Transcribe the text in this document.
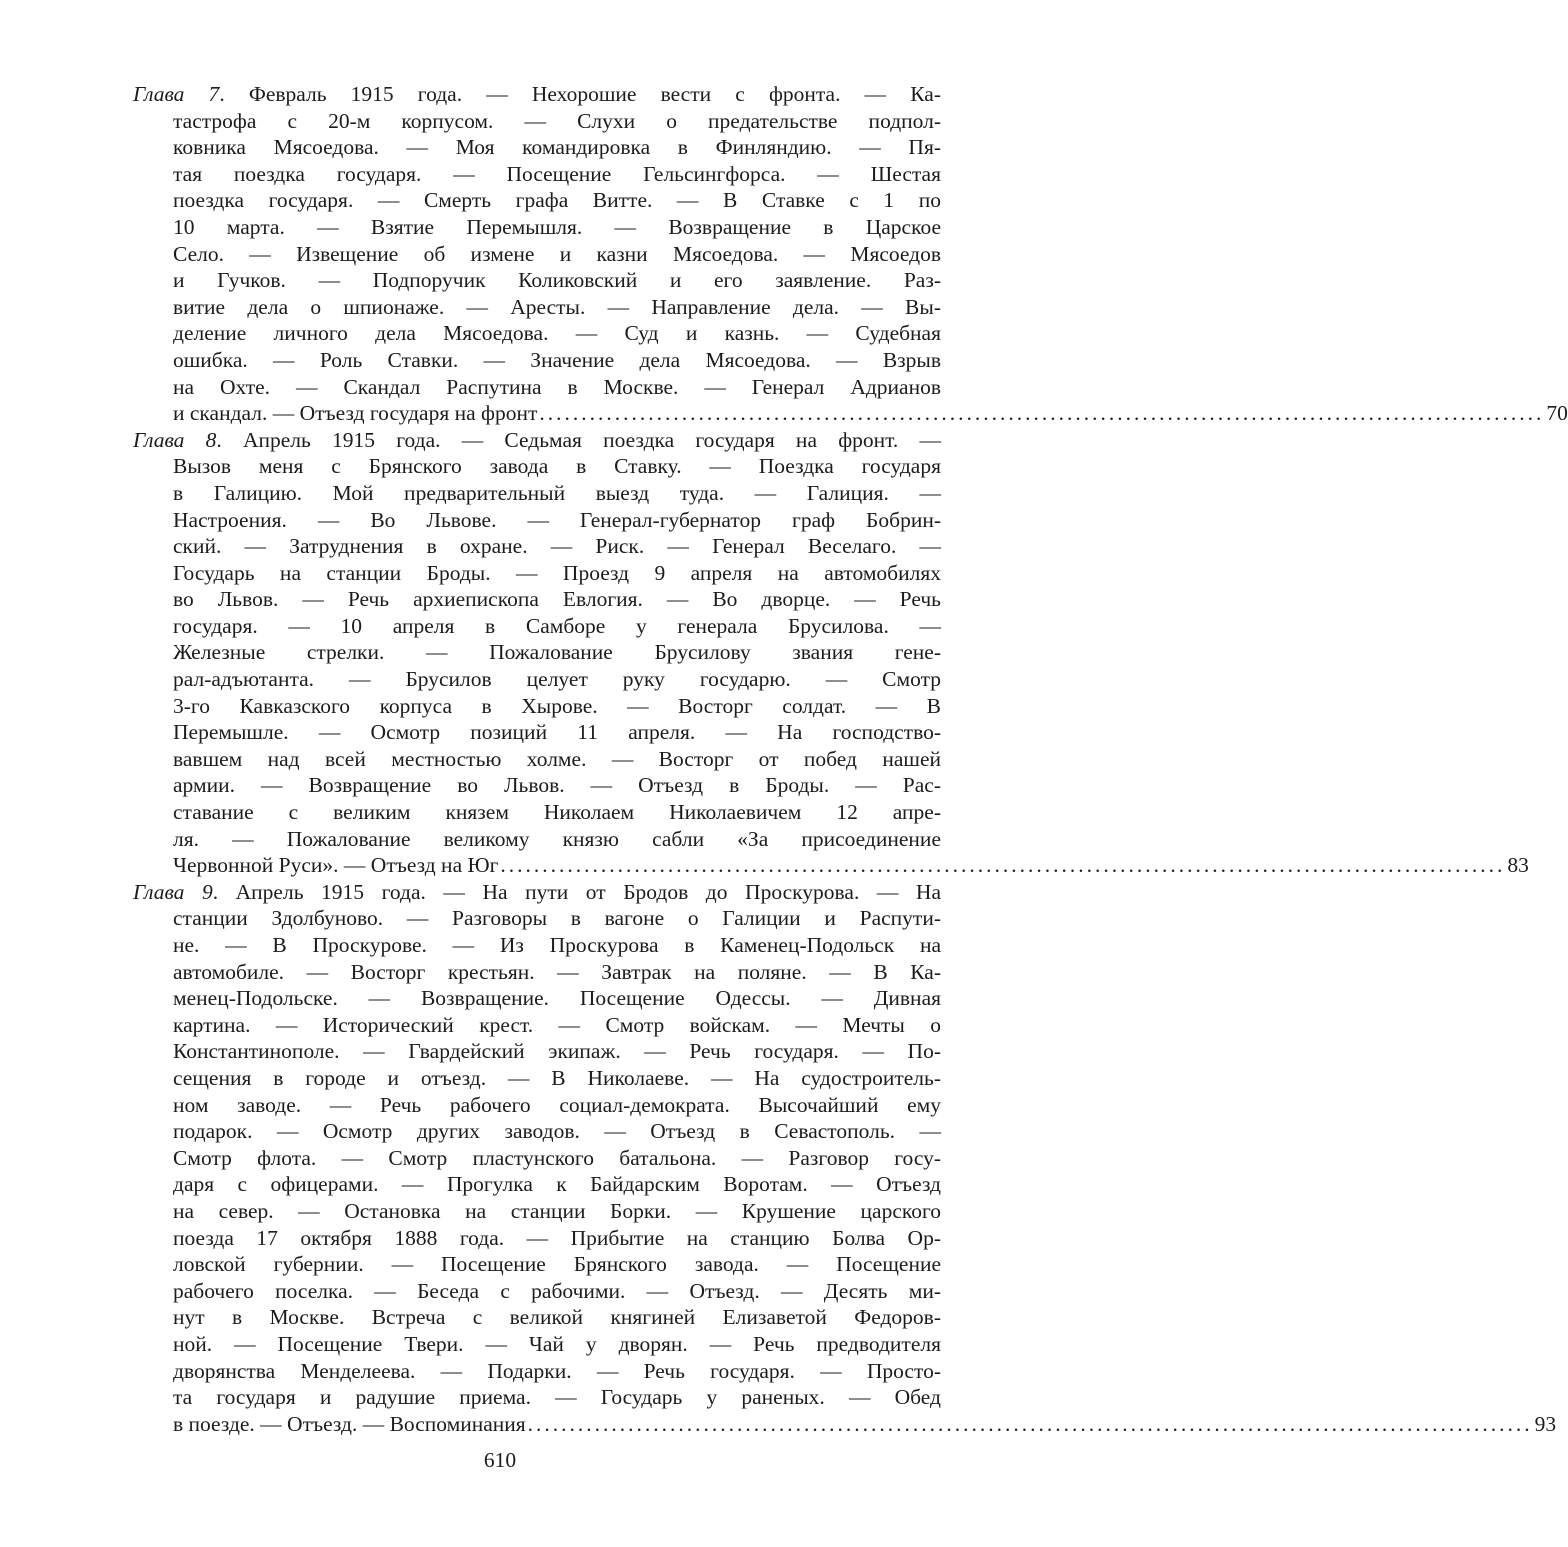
Глава 7. Февраль 1915 года. — Нехорошие вести с фронта. — Ка-
тастрофа с 20-м корпусом. — Слухи о предательстве подпол-
ковника Мясоедова. — Моя командировка в Финляндию. — Пя-
тая поездка государя. — Посещение Гельсингфорса. — Шестая
поездка государя. — Смерть графа Витте. — В Ставке с 1 по
10 марта. — Взятие Перемышля. — Возвращение в Царское
Село. — Извещение об измене и казни Мясоедова. — Мясоедов
и Гучков. — Подпоручик Коликовский и его заявление. Раз-
витие дела о шпионаже. — Аресты. — Направление дела. — Вы-
деление личного дела Мясоедова. — Суд и казнь. — Судебная
ошибка. — Роль Ставки. — Значение дела Мясоедова. — Взрыв
на Охте. — Скандал Распутина в Москве. — Генерал Адрианов
и скандал. — Отъезд государя на фронт ........................................................................................................................ 70
Глава 8. Апрель 1915 года. — Седьмая поездка государя на фронт. —
Вызов меня с Брянского завода в Ставку. — Поездка государя
в Галицию. Мой предварительный выезд туда. — Галиция. —
Настроения. — Во Львове. — Генерал-губернатор граф Бобрин-
ский. — Затруднения в охране. — Риск. — Генерал Веселаго. —
Государь на станции Броды. — Проезд 9 апреля на автомобилях
во Львов. — Речь архиепископа Евлогия. — Во дворце. — Речь
государя. — 10 апреля в Самборе у генерала Брусилова. —
Железные стрелки. — Пожалование Брусилову звания гене-
рал-адъютанта. — Брусилов целует руку государю. — Смотр
3-го Кавказского корпуса в Хырове. — Восторг солдат. — В
Перемышле. — Осмотр позиций 11 апреля. — На господство-
вавшем над всей местностью холме. — Восторг от побед нашей
армии. — Возвращение во Львов. — Отъезд в Броды. — Рас-
ставание с великим князем Николаем Николаевичем 12 апре-
ля. — Пожалование великому князю сабли «За присоединение
Червонной Руси». — Отъезд на Юг ........................................................................................................................ 83
Глава 9. Апрель 1915 года. — На пути от Бродов до Проскурова. — На
станции Здолбуново. — Разговоры в вагоне о Галиции и Распути-
не. — В Проскурове. — Из Проскурова в Каменец-Подольск на
автомобиле. — Восторг крестьян. — Завтрак на поляне. — В Ка-
менец-Подольске. — Возвращение. Посещение Одессы. — Дивная
картина. — Исторический крест. — Смотр войскам. — Мечты о
Константинополе. — Гвардейский экипаж. — Речь государя. — По-
сещения в городе и отъезд. — В Николаеве. — На судостроитель-
ном заводе. — Речь рабочего социал-демократа. Высочайший ему
подарок. — Осмотр других заводов. — Отъезд в Севастополь. —
Смотр флота. — Смотр пластунского батальона. — Разговор госу-
даря с офицерами. — Прогулка к Байдарским Воротам. — Отъезд
на север. — Остановка на станции Борки. — Крушение царского
поезда 17 октября 1888 года. — Прибытие на станцию Болва Ор-
ловской губернии. — Посещение Брянского завода. — Посещение
рабочего поселка. — Беседа с рабочими. — Отъезд. — Десять ми-
нут в Москве. Встреча с великой княгиней Елизаветой Федоров-
ной. — Посещение Твери. — Чай у дворян. — Речь предводителя
дворянства Менделеева. — Подарки. — Речь государя. — Просто-
та государя и радушие приема. — Государь у раненых. — Обед
в поезде. — Отъезд. — Воспоминания ........................................................................................................................ 93
610
